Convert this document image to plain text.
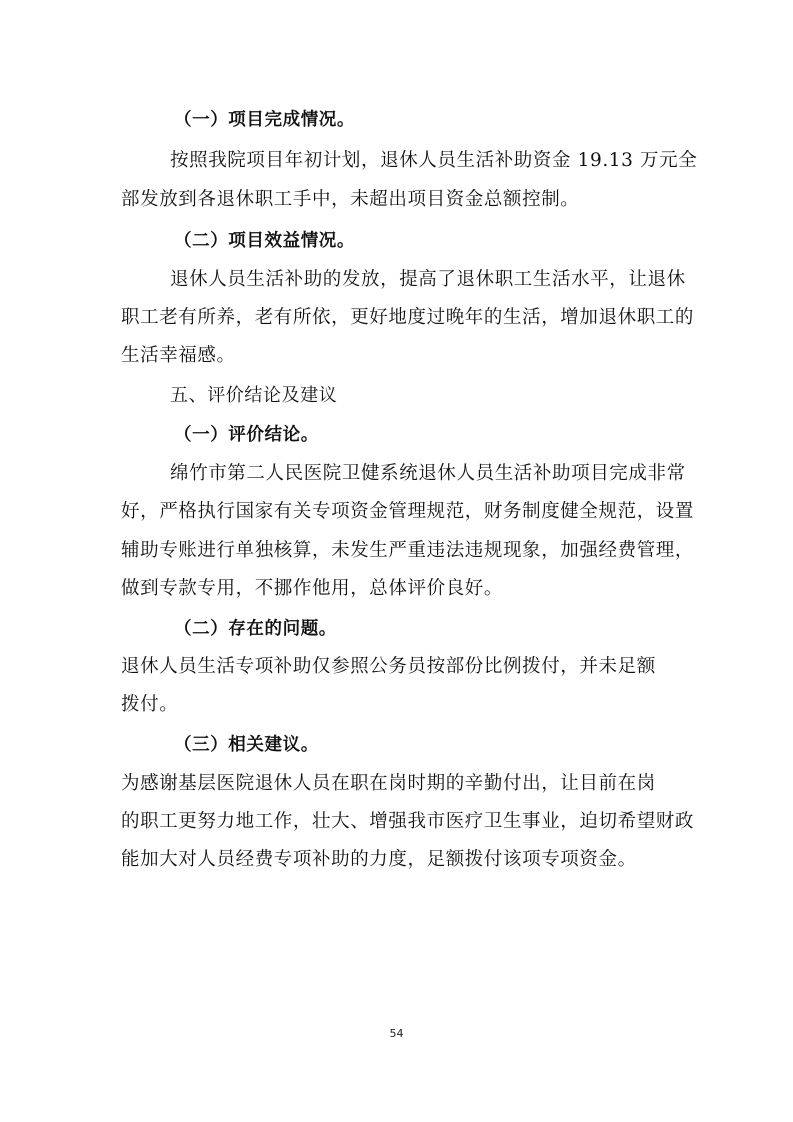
（一）项目完成情况。
按照我院项目年初计划，退休人员生活补助资金 19.13 万元全
部发放到各退休职工手中，未超出项目资金总额控制。
（二）项目效益情况。
退休人员生活补助的发放，提高了退休职工生活水平，让退休
职工老有所养，老有所依，更好地度过晚年的生活，增加退休职工的
生活幸福感。
五、评价结论及建议
（一）评价结论。
绵竹市第二人民医院卫健系统退休人员生活补助项目完成非常
好，严格执行国家有关专项资金管理规范，财务制度健全规范，设置
辅助专账进行单独核算，未发生严重违法违规现象，加强经费管理，
做到专款专用，不挪作他用，总体评价良好。
（二）存在的问题。
退休人员生活专项补助仅参照公务员按部份比例拨付，并未足额
拨付。
（三）相关建议。
为感谢基层医院退休人员在职在岗时期的辛勤付出，让目前在岗
的职工更努力地工作，壮大、增强我市医疗卫生事业，迫切希望财政
能加大对人员经费专项补助的力度，足额拨付该项专项资金。
54
